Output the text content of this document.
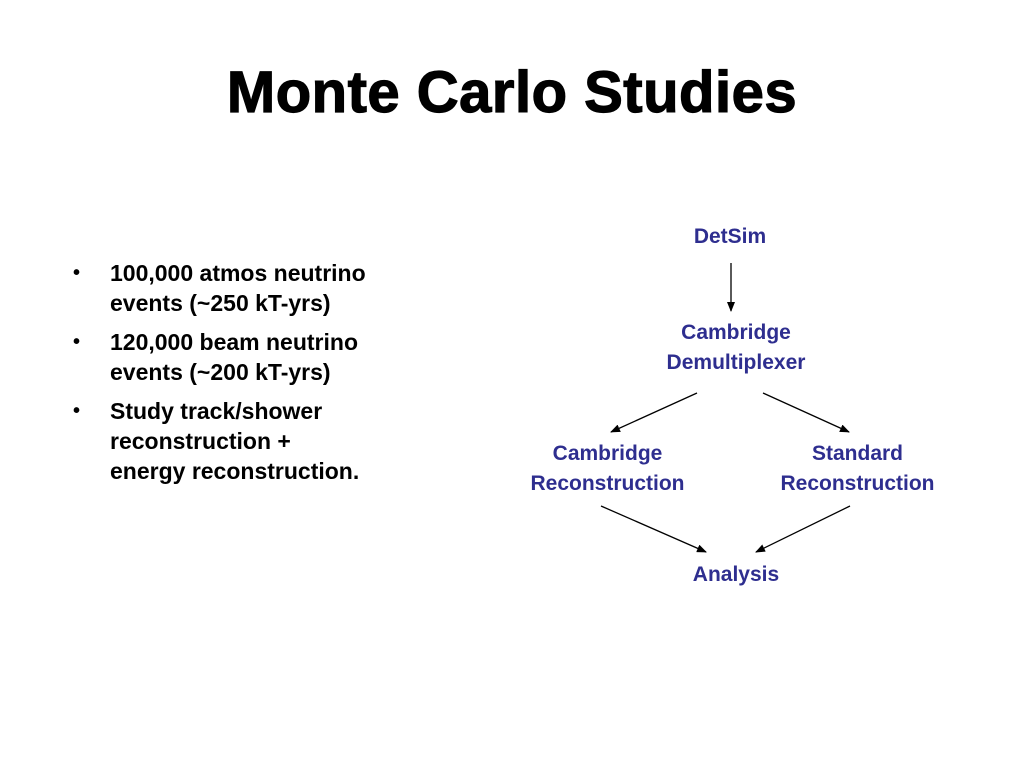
Monte Carlo Studies
• 100,000 atmos neutrino
events (~250 kT-yrs)
• 120,000 beam neutrino
events (~200 kT-yrs)
• Study track/shower
reconstruction +
energy reconstruction.
DetSim
Cambridge
Demultiplexer
Cambridge
Reconstruction
Standard
Reconstruction
Analysis
